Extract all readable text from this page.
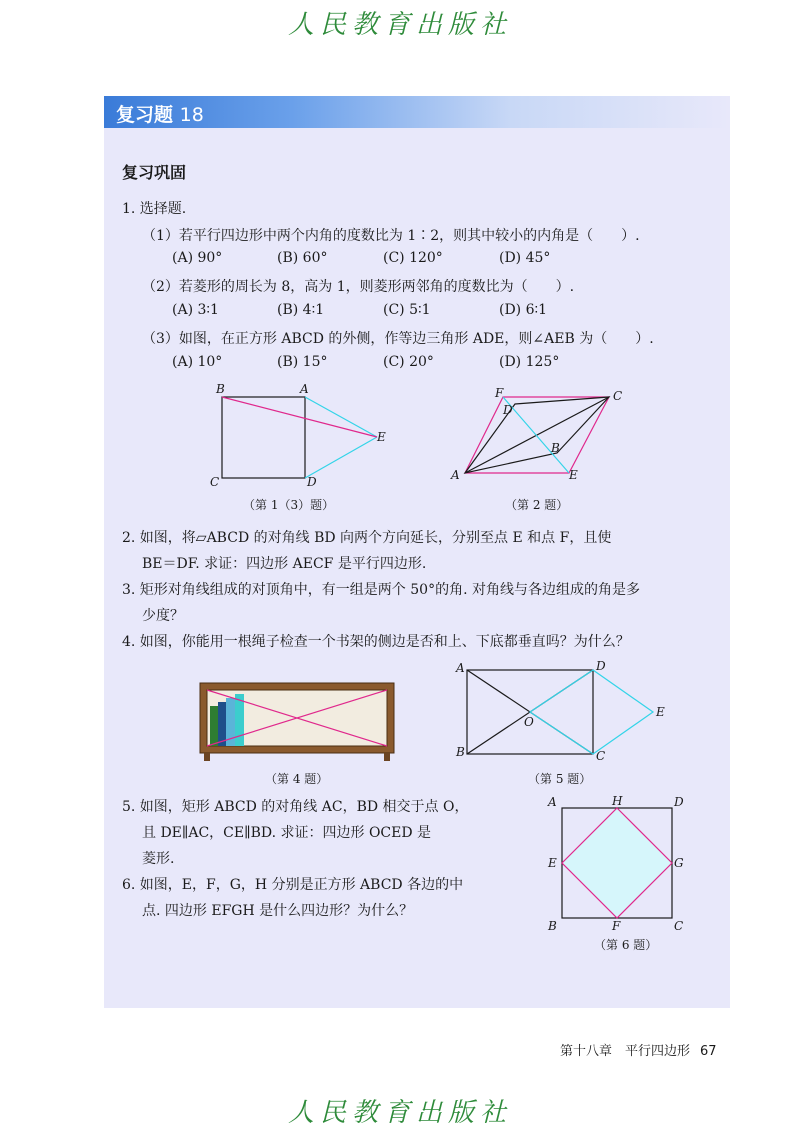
人民教育出版社
复习题 18
复习巩固
1. 选择题.
（1）若平行四边形中两个内角的度数比为 1∶2，则其中较小的内角是（　　）.
(A) 90°	(B) 60°	(C) 120°	(D) 45°
（2）若菱形的周长为 8，高为 1，则菱形两邻角的度数比为（　　）.
(A) 3∶1	(B) 4∶1	(C) 5∶1	(D) 6∶1
（3）如图，在正方形 ABCD 的外侧，作等边三角形 ADE，则∠AEB 为（　　）.
(A) 10°	(B) 15°	(C) 20°	(D) 125°
B	A
E
C	D
（第 1（3）题）
F	C
D
B
A	E
（第 2 题）
2. 如图，将▱ABCD 的对角线 BD 向两个方向延长，分别至点 E 和点 F，且使
BE＝DF. 求证：四边形 AECF 是平行四边形.
3. 矩形对角线组成的对顶角中，有一组是两个 50°的角. 对角线与各边组成的角是多
少度？
4. 如图，你能用一根绳子检查一个书架的侧边是否和上、下底都垂直吗？为什么？
（第 4 题）
A	D
E
O
B	C
（第 5 题）
5. 如图，矩形 ABCD 的对角线 AC，BD 相交于点 O，
且 DE∥AC，CE∥BD. 求证：四边形 OCED 是
菱形.
6. 如图，E，F，G，H 分别是正方形 ABCD 各边的中
点. 四边形 EFGH 是什么四边形？为什么？
A	H	D
E	G
B	F	C
（第 6 题）
第十八章　平行四边形 67
人民教育出版社
